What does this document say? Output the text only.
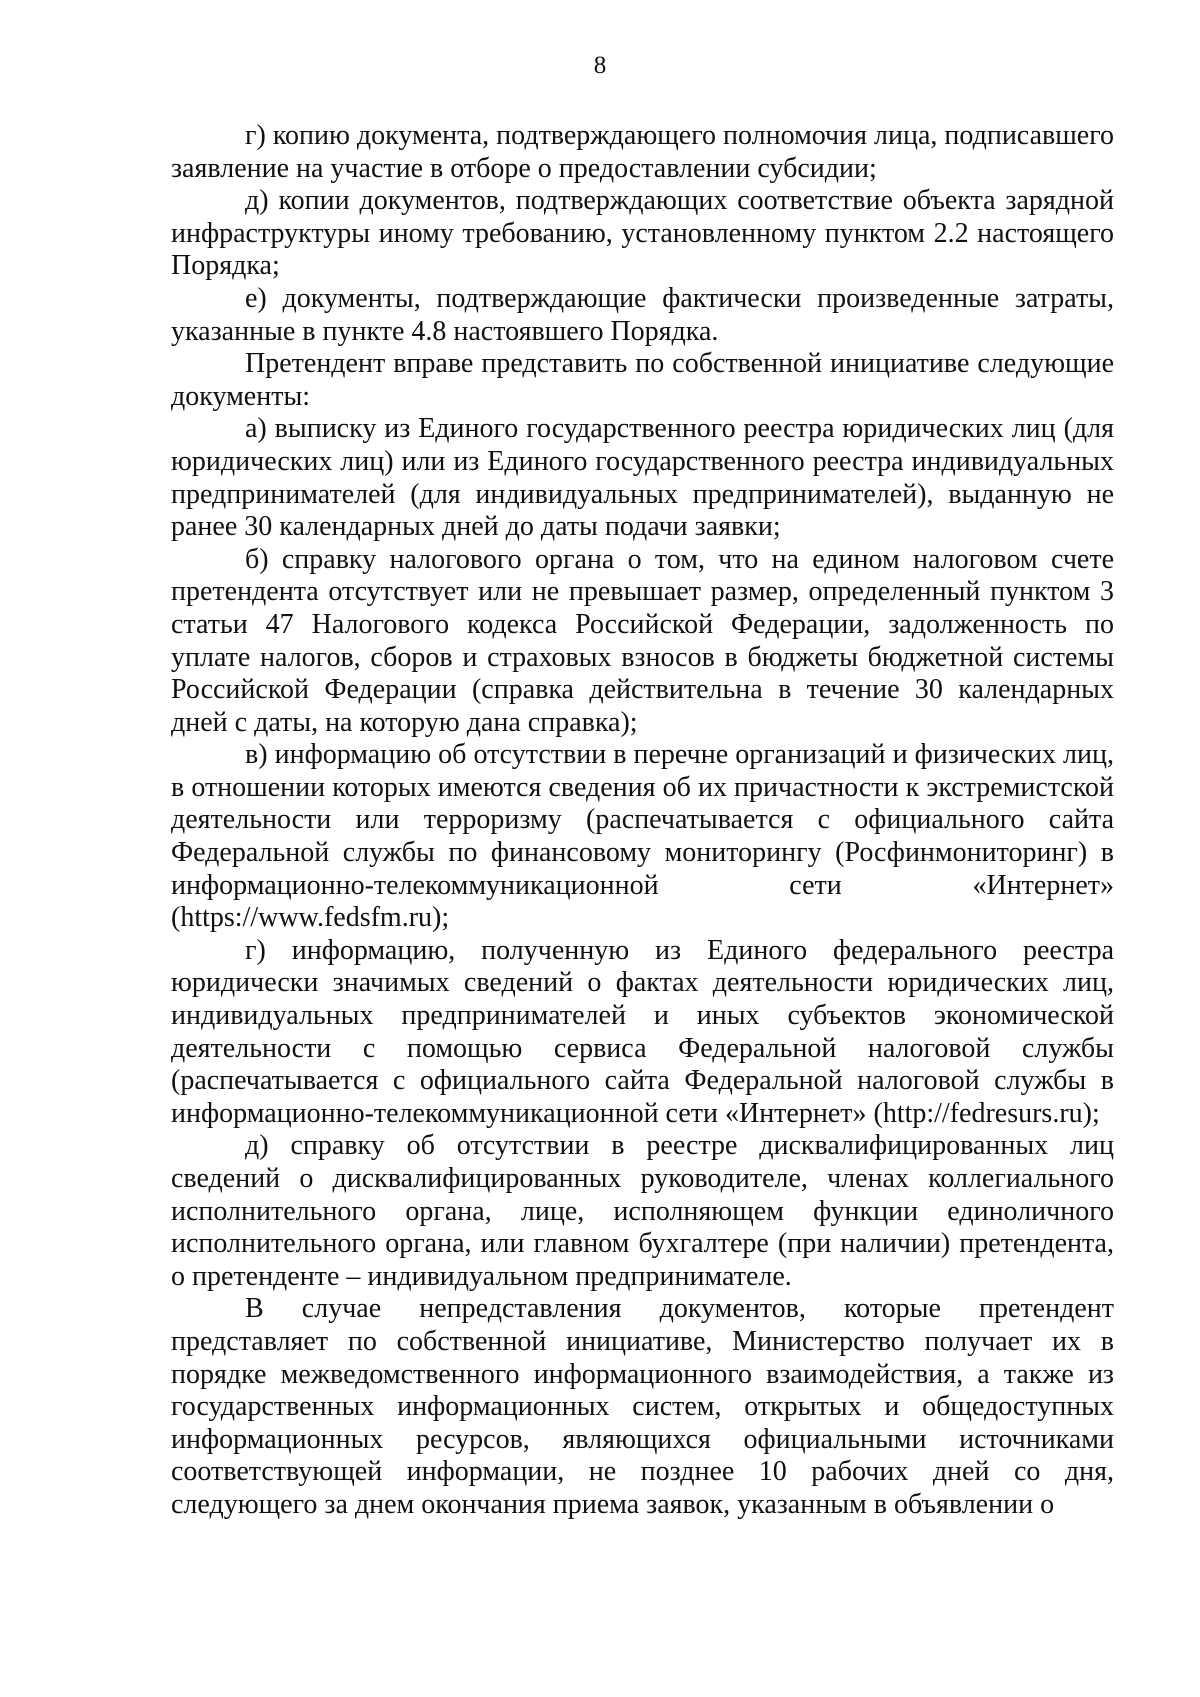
8

г) копию документа, подтверждающего полномочия лица, подписавшего заявление на участие в отборе о предоставлении субсидии;

д) копии документов, подтверждающих соответствие объекта зарядной инфраструктуры иному требованию, установленному пунктом 2.2 настоящего Порядка;

е) документы, подтверждающие фактически произведенные затраты, указанные в пункте 4.8 настоявшего Порядка.

Претендент вправе представить по собственной инициативе следующие документы:

а) выписку из Единого государственного реестра юридических лиц (для юридических лиц) или из Единого государственного реестра индивидуальных предпринимателей (для индивидуальных предпринимателей), выданную не ранее 30 календарных дней до даты подачи заявки;

б) справку налогового органа о том, что на едином налоговом счете претендента отсутствует или не превышает размер, определенный пунктом 3 статьи 47 Налогового кодекса Российской Федерации, задолженность по уплате налогов, сборов и страховых взносов в бюджеты бюджетной системы Российской Федерации (справка действительна в течение 30 календарных дней с даты, на которую дана справка);

в) информацию об отсутствии в перечне организаций и физических лиц, в отношении которых имеются сведения об их причастности к экстремистской деятельности или терроризму (распечатывается с официального сайта Федеральной службы по финансовому мониторингу (Росфинмониторинг) в информационно-телекоммуникационной сети «Интернет» (https://www.fedsfm.ru);

г) информацию, полученную из Единого федерального реестра юридически значимых сведений о фактах деятельности юридических лиц, индивидуальных предпринимателей и иных субъектов экономической деятельности с помощью сервиса Федеральной налоговой службы (распечатывается с официального сайта Федеральной налоговой службы в информационно-телекоммуникационной сети «Интернет» (http://fedresurs.ru);

д) справку об отсутствии в реестре дисквалифицированных лиц сведений о дисквалифицированных руководителе, членах коллегиального исполнительного органа, лице, исполняющем функции единоличного исполнительного органа, или главном бухгалтере (при наличии) претендента, о претенденте – индивидуальном предпринимателе.

В случае непредставления документов, которые претендент представляет по собственной инициативе, Министерство получает их в порядке межведомственного информационного взаимодействия, а также из государственных информационных систем, открытых и общедоступных информационных ресурсов, являющихся официальными источниками соответствующей информации, не позднее 10 рабочих дней со дня, следующего за днем окончания приема заявок, указанным в объявлении о
